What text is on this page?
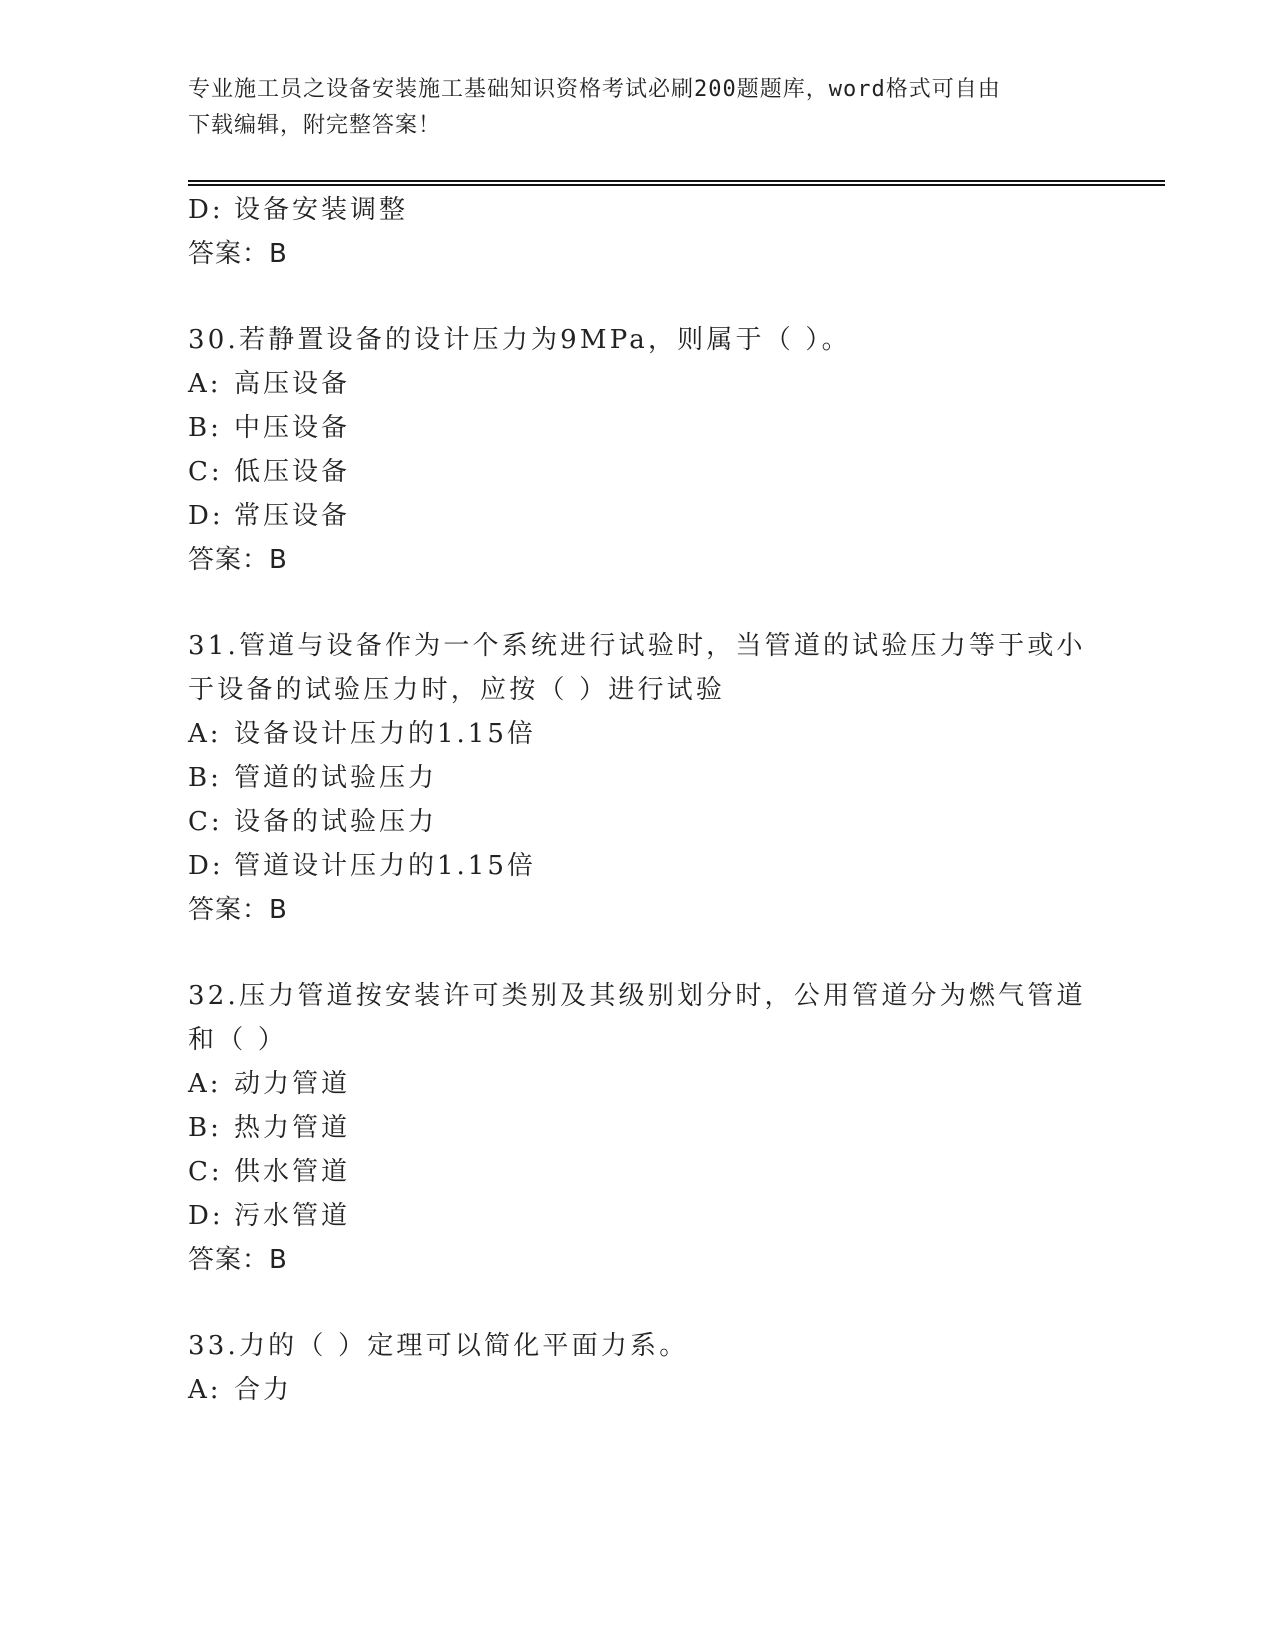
专业施工员之设备安装施工基础知识资格考试必刷200题题库，word格式可自由
下载编辑，附完整答案！
D: 设备安装调整
答案：B
30.若静置设备的设计压力为9MPa，则属于（ ）。
A: 高压设备
B: 中压设备
C: 低压设备
D: 常压设备
答案：B
31.管道与设备作为一个系统进行试验时，当管道的试验压力等于或小
于设备的试验压力时，应按（ ）进行试验
A: 设备设计压力的1.15倍
B: 管道的试验压力
C: 设备的试验压力
D: 管道设计压力的1.15倍
答案：B
32.压力管道按安装许可类别及其级别划分时，公用管道分为燃气管道
和（ ）
A: 动力管道
B: 热力管道
C: 供水管道
D: 污水管道
答案：B
33.力的（ ）定理可以简化平面力系。
A: 合力
